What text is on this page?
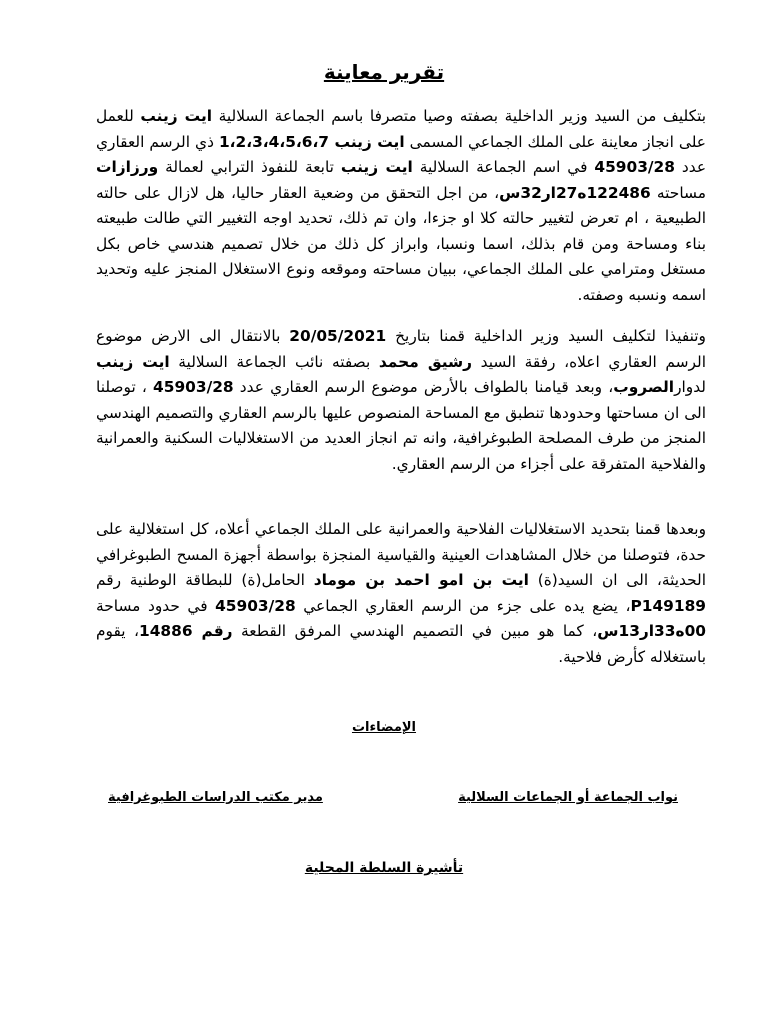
تقرير معاينة

بتكليف من السيد وزير الداخلية بصفته وصيا متصرفا باسم الجماعة السلالية ايت زينب للعمل على انجاز معاينة على الملك الجماعي المسمى ايت زينب 1،2،3،4،5،6،7 ذي الرسم العقاري عدد 45903/28 في اسم الجماعة السلالية ايت زينب تابعة للنفوذ الترابي لعمالة ورزازات مساحته 122486ه27ار32س، من اجل التحقق من وضعية العقار حاليا، هل لازال على حالته الطبيعية ، ام تعرض لتغيير حالته كلا او جزءا، وان تم ذلك، تحديد اوجه التغيير التي طالت طبيعته بناء ومساحة ومن قام بذلك، اسما ونسبا، وابراز كل ذلك من خلال تصميم هندسي خاص بكل مستغل ومترامي على الملك الجماعي، ببيان مساحته وموقعه ونوع الاستغلال المنجز عليه وتحديد اسمه ونسبه وصفته.

وتنفيذا لتكليف السيد وزير الداخلية قمنا بتاريخ 20/05/2021 بالانتقال الى الارض موضوع الرسم العقاري اعلاه، رفقة السيد رشيق محمد بصفته نائب الجماعة السلالية ايت زينب لدوارالصروب، وبعد قيامنا بالطواف بالأرض موضوع الرسم العقاري عدد 45903/28 ، توصلنا الى ان مساحتها وحدودها تنطبق مع المساحة المنصوص عليها بالرسم العقاري والتصميم الهندسي المنجز من طرف المصلحة الطبوغرافية، وانه تم انجاز العديد من الاستغلاليات السكنية والعمرانية والفلاحية المتفرقة على أجزاء من الرسم العقاري.

وبعدها قمنا بتحديد الاستغلاليات الفلاحية والعمرانية على الملك الجماعي أعلاه، كل استغلالية على حدة، فتوصلنا من خلال المشاهدات العينية والقياسية المنجزة بواسطة أجهزة المسح الطبوغرافي الحديثة، الى ان السيد(ة) ايت بن امو احمد بن موماد الحامل(ة) للبطاقة الوطنية رقم P149189، يضع يده على جزء من الرسم العقاري الجماعي 45903/28 في حدود مساحة 00ه33ار13س، كما هو مبين في التصميم الهندسي المرفق القطعة رقم 14886، يقوم باستغلاله كأرض فلاحية.

الإمضاءات
نواب الجماعة أو الجماعات السلالية
مدير مكتب الدراسات الطبوغرافية
تأشيرة السلطة المحلية
